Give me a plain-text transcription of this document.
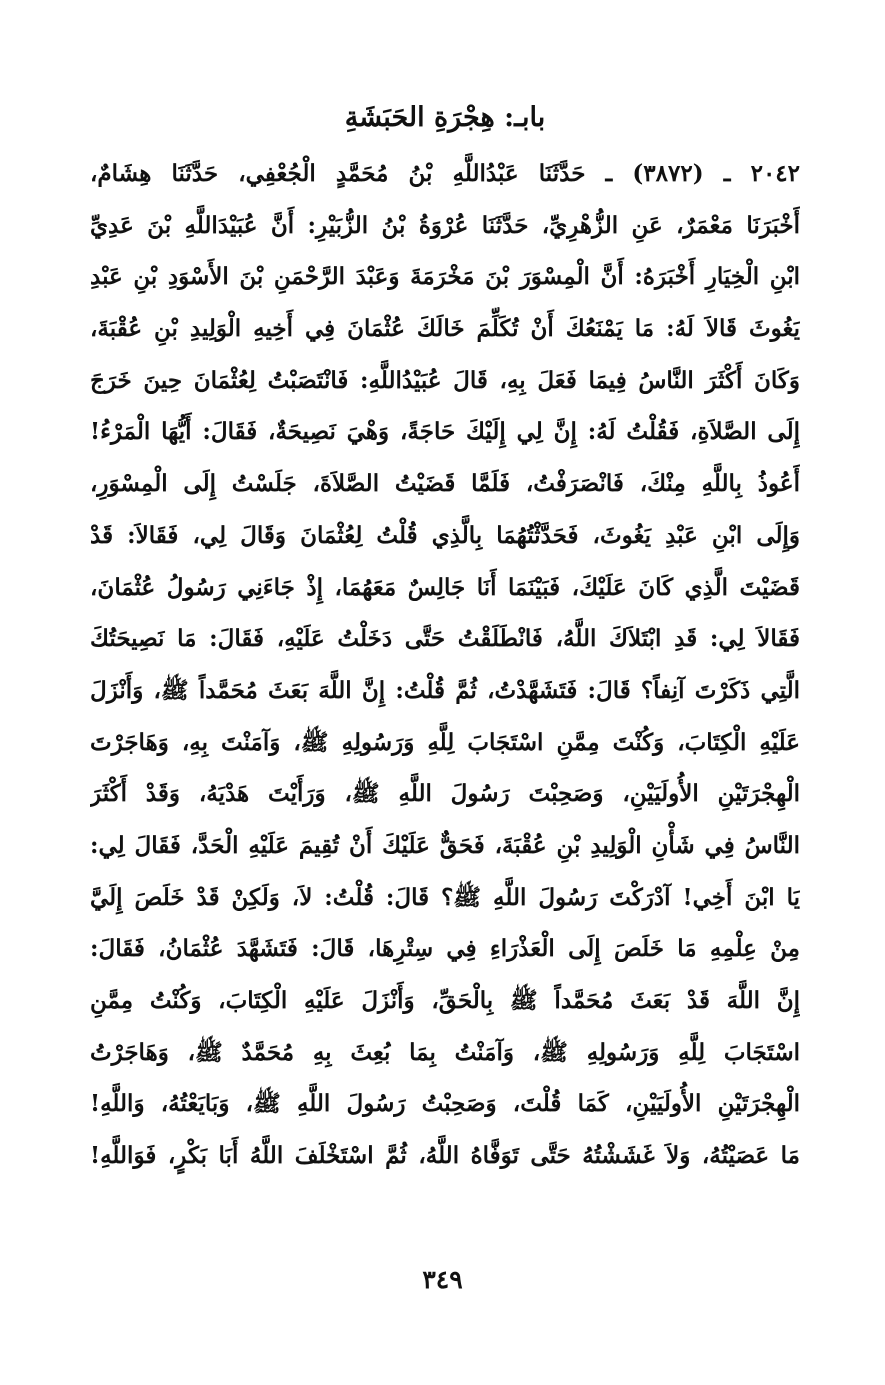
بابـ: هِجْرَةِ الحَبَشَةِ
٢٠٤٢ ـ (٣٨٧٢) ـ حَدَّثَنَا عَبْدُاللَّهِ بْنُ مُحَمَّدٍ الْجُعْفِي، حَدَّثَنَا هِشَامٌ،
أَخْبَرَنَا مَعْمَرٌ، عَنِ الزُّهْرِيِّ، حَدَّثَنَا عُرْوَةُ بْنُ الزُّبَيْرِ: أَنَّ عُبَيْدَاللَّهِ بْنَ عَدِيِّ
ابْنِ الْخِيَارِ أَخْبَرَهُ: أَنَّ الْمِسْوَرَ بْنَ مَخْرَمَةَ وَعَبْدَ الرَّحْمَنِ بْنَ الأَسْوَدِ بْنِ عَبْدِ
يَغُوثَ قَالاَ لَهُ: مَا يَمْنَعُكَ أَنْ تُكَلِّمَ خَالَكَ عُثْمَانَ فِي أَخِيهِ الْوَلِيدِ بْنِ عُقْبَةَ،
وَكَانَ أَكْثَرَ النَّاسُ فِيمَا فَعَلَ بِهِ، قَالَ عُبَيْدُاللَّهِ: فَانْتَصَبْتُ لِعُثْمَانَ حِينَ خَرَجَ
إِلَى الصَّلاَةِ، فَقُلْتُ لَهُ: إِنَّ لِي إِلَيْكَ حَاجَةً، وَهْيَ نَصِيحَةٌ، فَقَالَ: أَيُّهَا الْمَرْءُ!
أَعُوذُ بِاللَّهِ مِنْكَ، فَانْصَرَفْتُ، فَلَمَّا قَضَيْتُ الصَّلاَةَ، جَلَسْتُ إِلَى الْمِسْوَرِ،
وَإِلَى ابْنِ عَبْدِ يَغُوثَ، فَحَدَّثْتُهُمَا بِالَّذِي قُلْتُ لِعُثْمَانَ وَقَالَ لِي، فَقَالاَ: قَدْ
قَضَيْتَ الَّذِي كَانَ عَلَيْكَ، فَبَيْنَمَا أَنَا جَالِسٌ مَعَهُمَا، إِذْ جَاءَنِي رَسُولُ عُثْمَانَ،
فَقَالاَ لِي: قَدِ ابْتَلاَكَ اللَّهُ، فَانْطَلَقْتُ حَتَّى دَخَلْتُ عَلَيْهِ، فَقَالَ: مَا نَصِيحَتُكَ
الَّتِي ذَكَرْتَ آنِفاً؟ قَالَ: فَتَشَهَّدْتُ، ثُمَّ قُلْتُ: إِنَّ اللَّهَ بَعَثَ مُحَمَّداً ﷺ، وَأَنْزَلَ
عَلَيْهِ الْكِتَابَ، وَكُنْتَ مِمَّنِ اسْتَجَابَ لِلَّهِ وَرَسُولِهِ ﷺ، وَآمَنْتَ بِهِ، وَهَاجَرْتَ
الْهِجْرَتَيْنِ الأُولَيَيْنِ، وَصَحِبْتَ رَسُولَ اللَّهِ ﷺ، وَرَأَيْتَ هَدْيَهُ، وَقَدْ أَكْثَرَ
النَّاسُ فِي شَأْنِ الْوَلِيدِ بْنِ عُقْبَةَ، فَحَقٌّ عَلَيْكَ أَنْ تُقِيمَ عَلَيْهِ الْحَدَّ، فَقَالَ لِي:
يَا ابْنَ أَخِي! آدْرَكْتَ رَسُولَ اللَّهِ ﷺ؟ قَالَ: قُلْتُ: لاَ، وَلَكِنْ قَدْ خَلَصَ إِلَيَّ
مِنْ عِلْمِهِ مَا خَلَصَ إِلَى الْعَذْرَاءِ فِي سِتْرِهَا، قَالَ: فَتَشَهَّدَ عُثْمَانُ، فَقَالَ:
إِنَّ اللَّهَ قَدْ بَعَثَ مُحَمَّداً ﷺ بِالْحَقِّ، وَأَنْزَلَ عَلَيْهِ الْكِتَابَ، وَكُنْتُ مِمَّنِ
اسْتَجَابَ لِلَّهِ وَرَسُولِهِ ﷺ، وَآمَنْتُ بِمَا بُعِثَ بِهِ مُحَمَّدٌ ﷺ، وَهَاجَرْتُ
الْهِجْرَتَيْنِ الأُولَيَيْنِ، كَمَا قُلْتَ، وَصَحِبْتُ رَسُولَ اللَّهِ ﷺ، وَبَايَعْتُهُ، وَاللَّهِ!
مَا عَصَيْتُهُ، وَلاَ غَشَشْتُهُ حَتَّى تَوَفَّاهُ اللَّهُ، ثُمَّ اسْتَخْلَفَ اللَّهُ أَبَا بَكْرٍ، فَوَاللَّهِ!
٣٤٩
